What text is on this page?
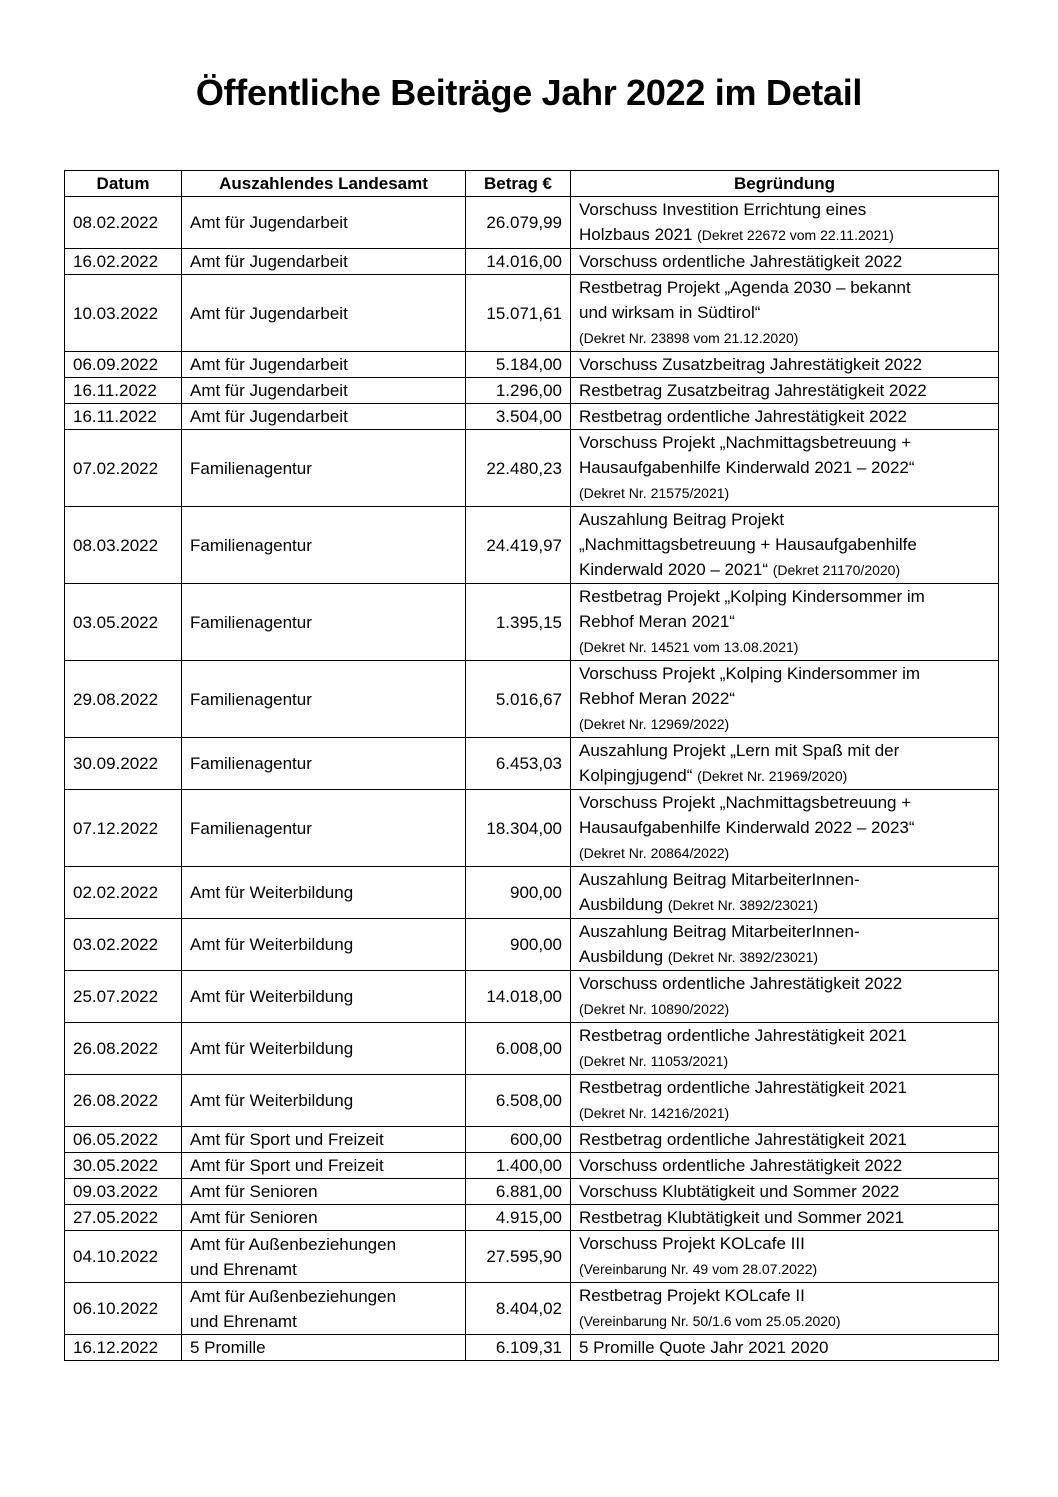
Öffentliche Beiträge Jahr 2022 im Detail
Datum	Auszahlendes Landesamt	Betrag €	Begründung
08.02.2022	Amt für Jugendarbeit	26.079,99	Vorschuss Investition Errichtung eines
Holzbaus 2021 (Dekret 22672 vom 22.11.2021)

16.02.2022	Amt für Jugendarbeit	14.016,00	Vorschuss ordentliche Jahrestätigkeit 2022

10.03.2022	Amt für Jugendarbeit	15.071,61	Restbetrag Projekt „Agenda 2030 – bekannt
und wirksam in Südtirol“
(Dekret Nr. 23898 vom 21.12.2020)

06.09.2022	Amt für Jugendarbeit	5.184,00	Vorschuss Zusatzbeitrag Jahrestätigkeit 2022

16.11.2022	Amt für Jugendarbeit	1.296,00	Restbetrag Zusatzbeitrag Jahrestätigkeit 2022

16.11.2022	Amt für Jugendarbeit	3.504,00	Restbetrag ordentliche Jahrestätigkeit 2022

07.02.2022	Familienagentur	22.480,23	Vorschuss Projekt „Nachmittagsbetreuung +
Hausaufgabenhilfe Kinderwald 2021 – 2022“
(Dekret Nr. 21575/2021)

08.03.2022	Familienagentur	24.419,97	Auszahlung Beitrag Projekt
„Nachmittagsbetreuung + Hausaufgabenhilfe
Kinderwald 2020 – 2021“ (Dekret 21170/2020)

03.05.2022	Familienagentur	1.395,15	Restbetrag Projekt „Kolping Kindersommer im
Rebhof Meran 2021“
(Dekret Nr. 14521 vom 13.08.2021)

29.08.2022	Familienagentur	5.016,67	Vorschuss Projekt „Kolping Kindersommer im
Rebhof Meran 2022“
(Dekret Nr. 12969/2022)

30.09.2022	Familienagentur	6.453,03	Auszahlung Projekt „Lern mit Spaß mit der
Kolpingjugend“ (Dekret Nr. 21969/2020)

07.12.2022	Familienagentur	18.304,00	Vorschuss Projekt „Nachmittagsbetreuung +
Hausaufgabenhilfe Kinderwald 2022 – 2023“
(Dekret Nr. 20864/2022)

02.02.2022	Amt für Weiterbildung	900,00	Auszahlung Beitrag MitarbeiterInnen-
Ausbildung (Dekret Nr. 3892/23021)

03.02.2022	Amt für Weiterbildung	900,00	Auszahlung Beitrag MitarbeiterInnen-
Ausbildung (Dekret Nr. 3892/23021)

25.07.2022	Amt für Weiterbildung	14.018,00	Vorschuss ordentliche Jahrestätigkeit 2022
(Dekret Nr. 10890/2022)

26.08.2022	Amt für Weiterbildung	6.008,00	Restbetrag ordentliche Jahrestätigkeit 2021
(Dekret Nr. 11053/2021)

26.08.2022	Amt für Weiterbildung	6.508,00	Restbetrag ordentliche Jahrestätigkeit 2021
(Dekret Nr. 14216/2021)

06.05.2022	Amt für Sport und Freizeit	600,00	Restbetrag ordentliche Jahrestätigkeit 2021

30.05.2022	Amt für Sport und Freizeit	1.400,00	Vorschuss ordentliche Jahrestätigkeit 2022

09.03.2022	Amt für Senioren	6.881,00	Vorschuss Klubtätigkeit und Sommer 2022

27.05.2022	Amt für Senioren	4.915,00	Restbetrag Klubtätigkeit und Sommer 2021

04.10.2022	Amt für Außenbeziehungen
und Ehrenamt	27.595,90	Vorschuss Projekt KOLcafe III
(Vereinbarung Nr. 49 vom 28.07.2022)

06.10.2022	Amt für Außenbeziehungen
und Ehrenamt	8.404,02	Restbetrag Projekt KOLcafe II
(Vereinbarung Nr. 50/1.6 vom 25.05.2020)

16.12.2022	5 Promille	6.109,31	5 Promille Quote Jahr 2021 2020
